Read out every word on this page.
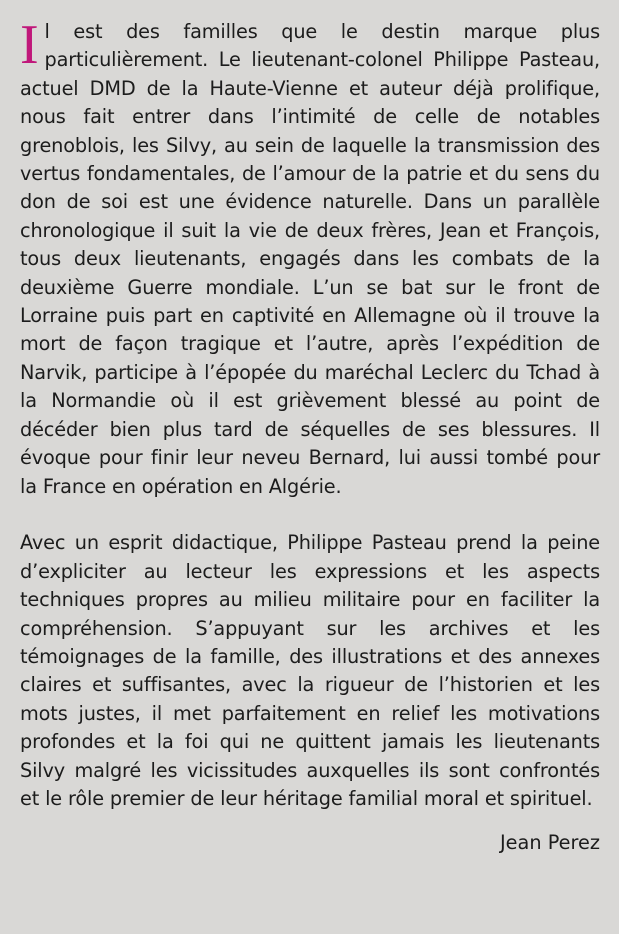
Il est des familles que le destin marque plus particulièrement. Le lieutenant-colonel Philippe Pasteau, actuel DMD de la Haute-Vienne et auteur déjà prolifique, nous fait entrer dans l’intimité de celle de notables grenoblois, les Silvy, au sein de laquelle la transmission des vertus fondamentales, de l’amour de la patrie et du sens du don de soi est une évidence naturelle. Dans un parallèle chronologique il suit la vie de deux frères, Jean et François, tous deux lieutenants, engagés dans les combats de la deuxième Guerre mondiale. L’un se bat sur le front de Lorraine puis part en captivité en Allemagne où il trouve la mort de façon tragique et l’autre, après l’expédition de Narvik, participe à l’épopée du maréchal Leclerc du Tchad à la Normandie où il est grièvement blessé au point de décéder bien plus tard de séquelles de ses blessures. Il évoque pour finir leur neveu Bernard, lui aussi tombé pour la France en opération en Algérie.

Avec un esprit didactique, Philippe Pasteau prend la peine d’expliciter au lecteur les expressions et les aspects techniques propres au milieu militaire pour en faciliter la compréhension. S’appuyant sur les archives et les témoignages de la famille, des illustrations et des annexes claires et suffisantes, avec la rigueur de l’historien et les mots justes, il met parfaitement en relief les motivations profondes et la foi qui ne quittent jamais les lieutenants Silvy malgré les vicissitudes auxquelles ils sont confrontés et le rôle premier de leur héritage familial moral et spirituel.

Jean Perez
